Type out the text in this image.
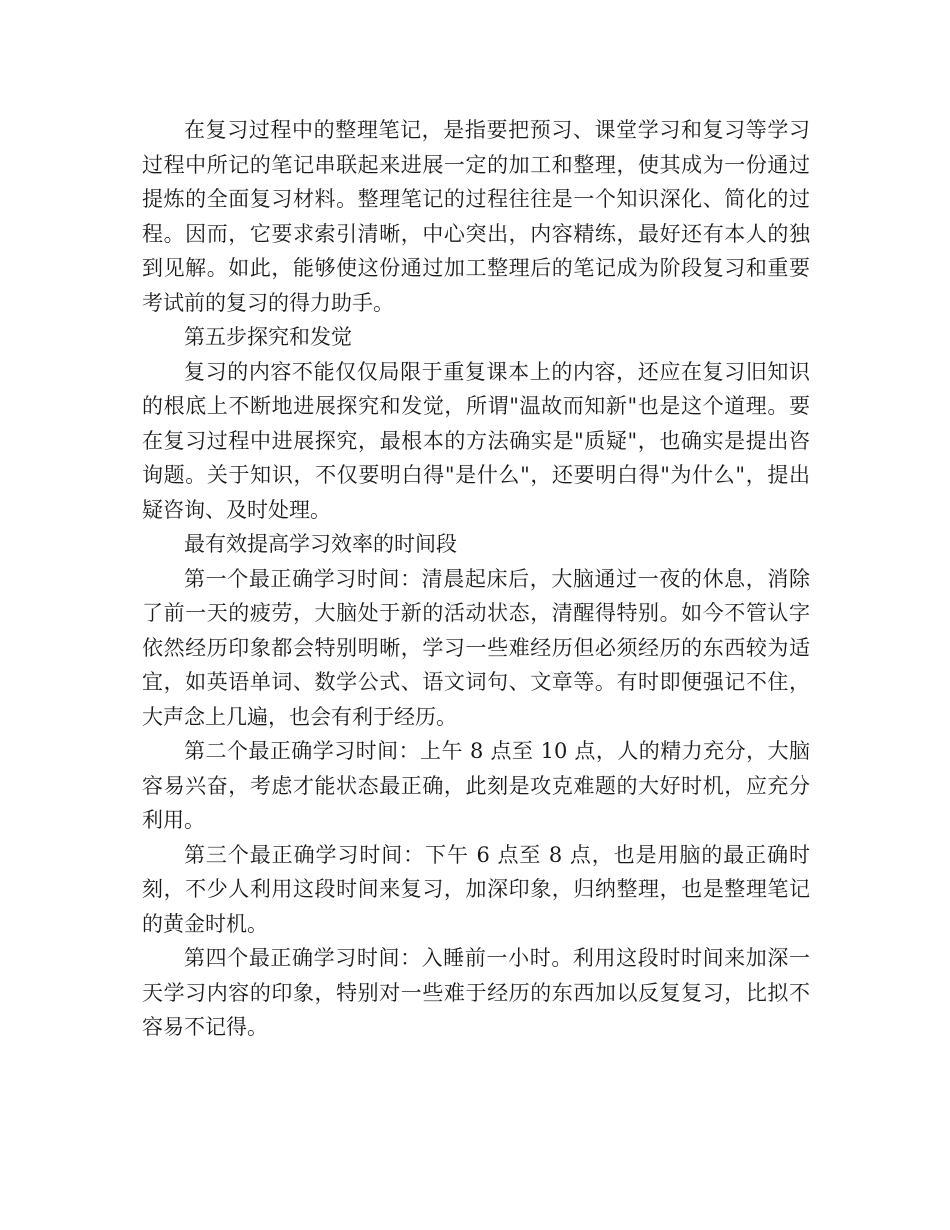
在复习过程中的整理笔记，是指要把预习、课堂学习和复习等学习过程中所记的笔记串联起来进展一定的加工和整理，使其成为一份通过提炼的全面复习材料。整理笔记的过程往往是一个知识深化、简化的过程。因而，它要求索引清晰，中心突出，内容精练，最好还有本人的独到见解。如此，能够使这份通过加工整理后的笔记成为阶段复习和重要考试前的复习的得力助手。

第五步探究和发觉

复习的内容不能仅仅局限于重复课本上的内容，还应在复习旧知识的根底上不断地进展探究和发觉，所谓"温故而知新"也是这个道理。要在复习过程中进展探究，最根本的方法确实是"质疑"，也确实是提出咨询题。关于知识，不仅要明白得"是什么"，还要明白得"为什么"，提出疑咨询、及时处理。

最有效提高学习效率的时间段

第一个最正确学习时间：清晨起床后，大脑通过一夜的休息，消除了前一天的疲劳，大脑处于新的活动状态，清醒得特别。如今不管认字依然经历印象都会特别明晰，学习一些难经历但必须经历的东西较为适宜，如英语单词、数学公式、语文词句、文章等。有时即便强记不住，大声念上几遍，也会有利于经历。

第二个最正确学习时间：上午 8 点至 10 点，人的精力充分，大脑容易兴奋，考虑才能状态最正确，此刻是攻克难题的大好时机，应充分利用。

第三个最正确学习时间：下午 6 点至 8 点，也是用脑的最正确时刻，不少人利用这段时间来复习，加深印象，归纳整理，也是整理笔记的黄金时机。

第四个最正确学习时间：入睡前一小时。利用这段时时间来加深一天学习内容的印象，特别对一些难于经历的东西加以反复复习，比拟不容易不记得。
